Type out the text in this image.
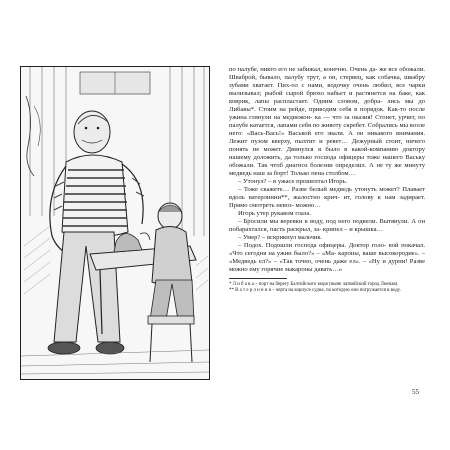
по палубе, никто его не забижал, конечно. Очень да- же все обожали. Шваброй, бывало, палубу трут, а он, стервец, как собачка, швабру зубами хватает. Пих-ол с нами, водочку очень любил, все чарки вылизывал; рыбой сырой брюхо набьет и растянется на баке, как коврик, лапы распластает. Одним словом, добра- лись мы до Либавы*. Стоим на рейде, приводим себя в порядок. Как-то после ужина глянули на медвежон- ка — что за оказия! Стонет, урчит, по палубе катается, лапами себя по животу скребет. Собрались мы возле него: «Вась-Вась!» Васькой его звали. А он никакого внимания. Лежит пузом кверху, пыхтит и ревет… Дежурный стоит, ничего понять не может. Двинулся я было в какой-компанию доктору нашему доложить, да только господа офицеры тоже нашего Ваську обожали. Так чтоб диагноз болезни определил. А не ту же минуту медведь наш за борт! Только пена столбом…

– Утонул? – в ужасе прошептал Игорь.

– Тоже скажете… Разве белый медведь утонуть может? Плавает вдоль ватерлинии**, жалостно крич- ит, голову к нам задирает. Прямо смотреть невоз- можно…

Игорь утер рукавом глаза.

– Бросили мы веревки в воду, под него подвели. Вытянули. А он побарахтался, пасть раскрыл, за- крипел – и крышка…

– Умер? – вскрикнул мальчик.

– Подох. Подошли господа офицеры. Доктор голо- вой покачал. «Что сегодня на ужин было?» – «Ма- кароны, ваше высокородие». – «Медведь ел?» – «Так точно, очень даже ел». – «Ну и дурни! Разве можно ему горячие макароны давать…»

* Л и б а в а – порт на берегу Балтийского моря (ныне латвийский город Лиепая).

** В а т е р л и н и я – черта на корпусе судна, по которую оно погружается в воду.

55
